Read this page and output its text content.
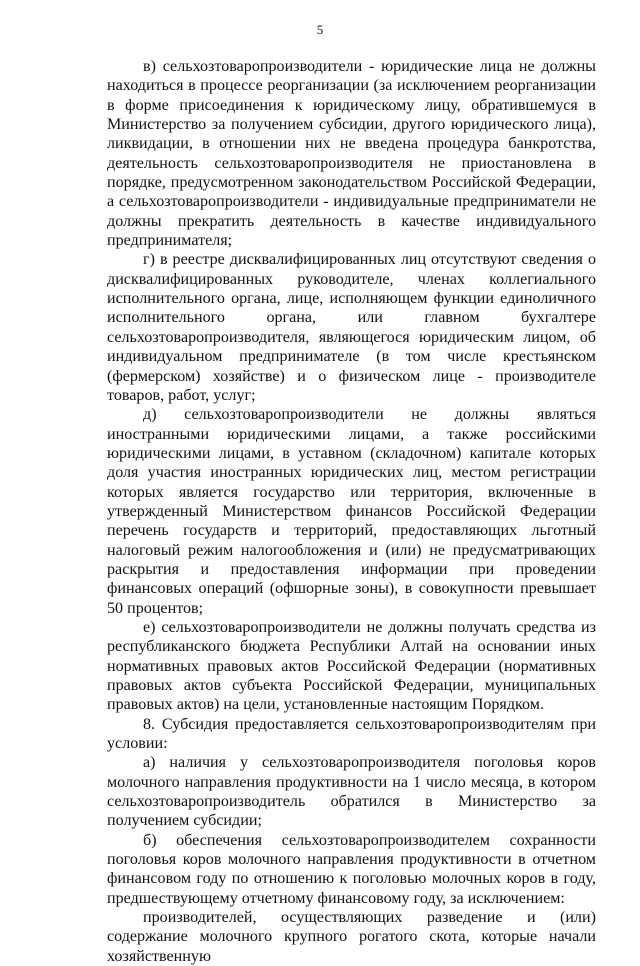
5

в) сельхозтоваропроизводители - юридические лица не должны находиться в процессе реорганизации (за исключением реорганизации в форме присоединения к юридическому лицу, обратившемуся в Министерство за получением субсидии, другого юридического лица), ликвидации, в отношении них не введена процедура банкротства, деятельность сельхозтоваропроизводителя не приостановлена в порядке, предусмотренном законодательством Российской Федерации, а сельхозтоваропроизводители - индивидуальные предприниматели не должны прекратить деятельность в качестве индивидуального предпринимателя;

г) в реестре дисквалифицированных лиц отсутствуют сведения о дисквалифицированных руководителе, членах коллегиального исполнительного органа, лице, исполняющем функции единоличного исполнительного органа, или главном бухгалтере сельхозтоваропроизводителя, являющегося юридическим лицом, об индивидуальном предпринимателе (в том числе крестьянском (фермерском) хозяйстве) и о физическом лице - производителе товаров, работ, услуг;

д) сельхозтоваропроизводители не должны являться иностранными юридическими лицами, а также российскими юридическими лицами, в уставном (складочном) капитале которых доля участия иностранных юридических лиц, местом регистрации которых является государство или территория, включенные в утвержденный Министерством финансов Российской Федерации перечень государств и территорий, предоставляющих льготный налоговый режим налогообложения и (или) не предусматривающих раскрытия и предоставления информации при проведении финансовых операций (офшорные зоны), в совокупности превышает 50 процентов;

е) сельхозтоваропроизводители не должны получать средства из республиканского бюджета Республики Алтай на основании иных нормативных правовых актов Российской Федерации (нормативных правовых актов субъекта Российской Федерации, муниципальных правовых актов) на цели, установленные настоящим Порядком.

8. Субсидия предоставляется сельхозтоваропроизводителям при условии:

а) наличия у сельхозтоваропроизводителя поголовья коров молочного направления продуктивности на 1 число месяца, в котором сельхозтоваропроизводитель обратился в Министерство за получением субсидии;

б) обеспечения сельхозтоваропроизводителем сохранности поголовья коров молочного направления продуктивности в отчетном финансовом году по отношению к поголовью молочных коров в году, предшествующему отчетному финансовому году, за исключением:

производителей, осуществляющих разведение и (или) содержание молочного крупного рогатого скота, которые начали хозяйственную
